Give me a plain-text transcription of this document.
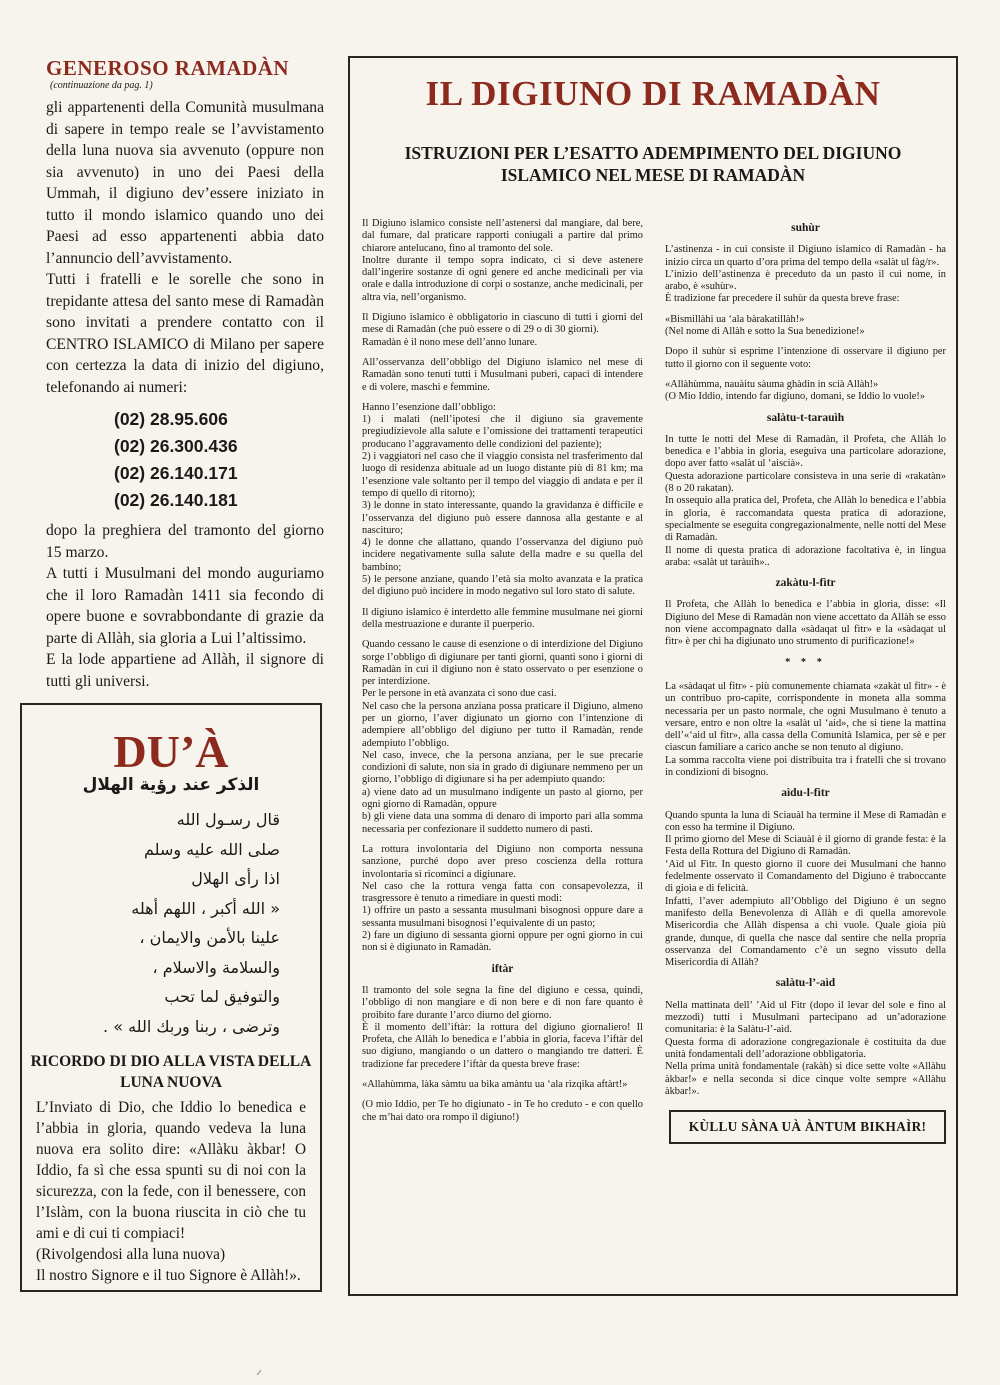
GENEROSO RAMADÀN
(continuazione da pag. 1)

gli appartenenti della Comunità musulmana di sapere in tempo reale se l’avvistamento della luna nuova sia avvenuto (oppure non sia avvenuto) in uno dei Paesi della Ummah, il digiuno dev’essere iniziato in tutto il mondo islamico quando uno dei Paesi ad esso appartenenti abbia dato l’annuncio dell’avvistamento.

Tutti i fratelli e le sorelle che sono in trepidante attesa del santo mese di Ramadàn sono invitati a prendere contatto con il CENTRO ISLAMICO di Milano per sapere con certezza la data di inizio del digiuno, telefonando ai numeri:

(02) 28.95.606
(02) 26.300.436
(02) 26.140.171
(02) 26.140.181

dopo la preghiera del tramonto del giorno 15 marzo.

A tutti i Musulmani del mondo auguriamo che il loro Ramadàn 1411 sia fecondo di opere buone e sovrabbondante di grazie da parte di Allàh, sia gloria a Lui l’altissimo.

E la lode appartiene ad Allàh, il signore di tutti gli universi.

DU’À
الذكر عند رؤية الهلال
قال رسـول الله
صلى الله عليه وسلم
اذا رأى الهلال
« الله أكبر ، اللهم أهله
علينا بالأمن والايمان ،
والسلامة والاسلام ،
والتوفيق لما تحب
وترضى ، ربنا وربك الله » .
RICORDO DI DIO ALLA VISTA DELLA LUNA NUOVA

L’Inviato di Dio, che Iddio lo benedica e l’abbia in gloria, quando vedeva la luna nuova era solito dire: «Allàku àkbar! O Iddio, fa sì che essa spunti su di noi con la sicurezza, con la fede, con il benessere, con l’Islàm, con la buona riuscita in ciò che tu ami e di cui ti compiaci!

(Rivolgendosi alla luna nuova)

Il nostro Signore e il tuo Signore è Allàh!».

IL DIGIUNO DI RAMADÀN
ISTRUZIONI PER L’ESATTO ADEMPIMENTO DEL DIGIUNO
ISLAMICO NEL MESE DI RAMADÀN

Il Digiuno islamico consiste nell’astenersi dal mangiare, dal bere, dal fumare, dal praticare rapporti coniugali a partire dal primo chiarore antelucano, fino al tramonto del sole.

Inoltre durante il tempo sopra indicato, ci si deve astenere dall’ingerire sostanze di ogni genere ed anche medicinali per via orale e dalla introduzione di corpi o sostanze, anche medicinali, per altra via, nell’organismo.

Il Digiuno islamico è obbligatorio in ciascuno di tutti i giorni del mese di Ramadàn (che può essere o di 29 o di 30 giorni).

Ramadàn è il nono mese dell’anno lunare.

All’osservanza dell’obbligo del Digiuno islamico nel mese di Ramadàn sono tenuti tutti i Musulmani puberi, capaci di intendere e di volere, maschi e femmine.

Hanno l’esenzione dall’obbligo:

1) i malati (nell’ipotesi che il digiuno sia gravemente pregiudizievole alla salute e l’omissione dei trattamenti terapeutici producano l’aggravamento delle condizioni del paziente);

2) i vaggiatori nel caso che il viaggio consista nel trasferimento dal luogo di residenza abituale ad un luogo distante più di 81 km; ma l’esenzione vale soltanto per il tempo del viaggio di andata e per il tempo di quello di ritorno);

3) le donne in stato interessante, quando la gravidanza è difficile e l’osservanza del digiuno può essere dannosa alla gestante e al nascituro;

4) le donne che allattano, quando l’osservanza del digiuno può incidere negativamente sulla salute della madre e su quella del bambino;

5) le persone anziane, quando l’età sia molto avanzata e la pratica del digiuno può incidere in modo negativo sul loro stato di salute.

Il digiuno islamico è interdetto alle femmine musulmane nei giorni della mestruazione e durante il puerperio.

Quando cessano le cause di esenzione o di interdizione del Digiuno sorge l’obbligo di digiunare per tanti giorni, quanti sono i giorni di Ramadàn in cui il digiuno non è stato osservato o per esenzione o per interdizione.

Per le persone in età avanzata ci sono due casi.

Nel caso che la persona anziana possa praticare il Digiuno, almeno per un giorno, l’aver digiunato un giorno con l’intenzione di adempiere all’obbligo del digiuno per tutto il Ramadàn, rende adempiuto l’obbligo.

Nel caso, invece, che la persona anziana, per le sue precarie condizioni di salute, non sia in grado di digiunare nemmeno per un giorno, l’obbligo di digiunare si ha per adempiuto quando:

a) viene dato ad un musulmano indigente un pasto al giorno, per ogni giorno di Ramadàn, oppure

b) gli viene data una somma di denaro di importo pari alla somma necessaria per confezionare il suddetto numero di pasti.

La rottura involontaria del Digiuno non comporta nessuna sanzione, purché dopo aver preso coscienza della rottura involontaria si ricominci a digiunare.

Nel caso che la rottura venga fatta con consapevolezza, il trasgressore è tenuto a rimediare in questi modi:

1) offrire un pasto a sessanta musulmani bisognosi oppure dare a sessanta musulmani bisognosi l’equivalente di un pasto;

2) fare un digiuno di sessanta giorni oppure per ogni giorno in cui non si è digiunato in Ramadàn.

iftàr

Il tramonto del sole segna la fine del digiuno e cessa, quindi, l’obbligo di non mangiare e di non bere e di non fare quanto è proibito fare durante l’arco diurno del giorno.

È il momento dell’iftàr: la rottura del digiuno giornaliero! Il Profeta, che Allàh lo benedica e l’abbia in gloria, faceva l’iftàr del suo digiuno, mangiando o un dattero o mangiando tre datteri. È tradizione far precedere l’iftàr da questa breve frase:

«Allahùmma, làka sàmtu ua bìka amàntu ua ‘ala rìzqika aftàrt!»

(O mio Iddio, per Te ho digiunato - in Te ho creduto - e con quello che m’hai dato ora rompo il digiuno!)

suhùr

L’astinenza - in cui consiste il Digiuno islamico di Ramadàn - ha inizio circa un quarto d’ora prima del tempo della «salàt ul fàg/r».

L’inizio dell’astinenza è preceduto da un pasto il cui nome, in arabo, è «suhùr».

È tradizione far precedere il suhùr da questa breve frase:

«Bismillàhi ua ‘ala bàrakatillàh!»

(Nel nome di Allàh e sotto la Sua benedizione!»

Dopo il suhùr si esprime l’intenzione di osservare il digiuno per tutto il giorno con il seguente voto:

«Allàhùmma, nauàitu sàuma ghàdin in scià Allàh!»

(O Mio Iddio, intendo far digiuno, domani, se Iddio lo vuole!»

salàtu-t-tarauìh

In tutte le notti del Mese di Ramadàn, il Profeta, che Allàh lo benedica e l’abbia in gloria, eseguiva una particolare adorazione, dopo aver fatto «salàt ul ‘aiscià».

Questa adorazione particolare consisteva in una serie di «rakatàn» (8 o 20 rakatan).

In ossequio alla pratica del, Profeta, che Allàh lo benedica e l’abbia in gloria, è raccomandata questa pratica di adorazione, specialmente se eseguita congregazionalmente, nelle notti del Mese di Ramadàn.

Il nome di questa pratica di adorazione facoltativa è, in lingua araba: «salàt ut taràuìh»..

zakàtu-l-fìtr

Il Profeta, che Allàh lo benedica e l’abbia in gloria, disse: «Il Digiuno del Mese di Ramadàn non viene accettato da Allàh se esso non viene accompagnato dalla «sàdaqat ul fìtr» e la «sàdaqat ul fìtr» è per chi ha digiunato uno strumento di purificazione!»

* * *

La «sàdaqat ul fitr» - più comunemente chiamata «zakàt ul fitr» - è un contribuo pro-capite, corrispondente in moneta alla somma necessaria per un pasto normale, che ogni Musulmano è tenuto a versare, entro e non oltre la «salàt ul ‘aid», che si tiene la mattina dell’«‘aid ul fitr», alla cassa della Comunità Islamica, per sè e per ciascun familiare a carico anche se non tenuto al digiuno.

La somma raccolta viene poi distribuita tra i fratelli che si trovano in condizioni di bisogno.

aìdu-l-fìtr

Quando spunta la luna di Sciauàl ha termine il Mese di Ramadàn e con esso ha termine il Digiuno.

Il primo giorno del Mese di Sciauàl è il giorno di grande festa: è la Festa della Rottura del Digiuno di Ramadàn.

‘Aìd ul Fìtr. In questo giorno il cuore dei Musulmani che hanno fedelmente osservato il Comandamento del Digiuno è traboccante di gioia e di felicità.

Infatti, l’aver adempiuto all’Obbligo del Digiuno è un segno manifesto della Benevolenza di Allàh e di quella amorevole Misericordia che Allàh dispensa a chi vuole. Quale gioia più grande, dunque, di quella che nasce dal sentire che nella propria osservanza del Comandamento c’è un segno vissuto della Misericordia di Allàh?

salàtu-l’-aìd

Nella mattinata dell’ ’Aid ul Fitr (dopo il levar del sole e fino al mezzodì) tutti i Musulmani partecipano ad un’adorazione comunitaria: è la Salàtu-l’-aìd.

Questa forma di adorazione congregazionale è costituita da due unità fondamentali dell’adorazione obbligatoria.

Nella prima unità fondamentale (rakàh) si dice sette volte «Allàhu àkbar!» e nella seconda si dice cinque volte sempre «Allàhu àkbar!».

KÙLLU SÀNA UÀ ÀNTUM BIKHAÌR!
